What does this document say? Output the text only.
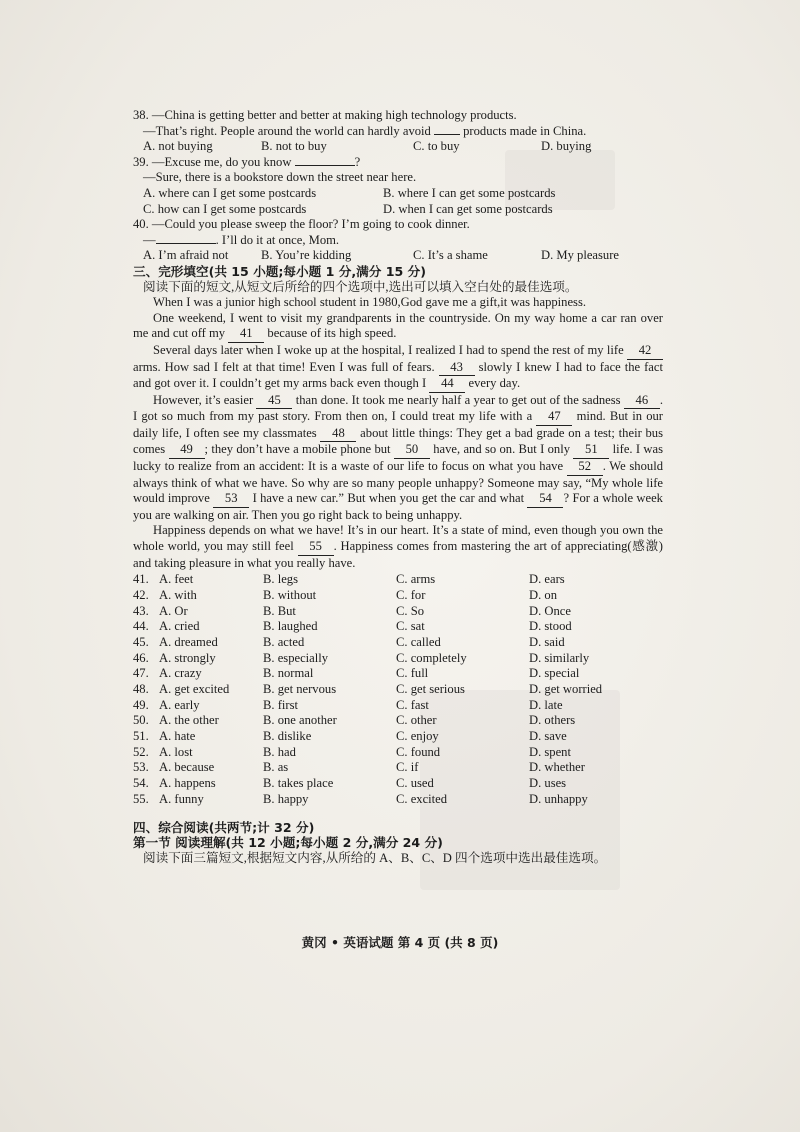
38. —China is getting better and better at making high technology products.

—That’s right. People around the world can hardly avoid  products made in China.

A. not buying	B. not to buy	C. to buy	D. buying

39. —Excuse me, do you know	?

—Sure, there is a bookstore down the street near here.

A. where can I get some postcards	B. where I can get some postcards
C. how can I get some postcards	D. when I can get some postcards

40. —Could you please sweep the floor? I’m going to cook dinner.

—	. I’ll do it at once, Mom.

A. I’m afraid not	B. You’re kidding	C. It’s a shame	D. My pleasure

三、完形填空(共 15 小题;每小题 1 分,满分 15 分)

阅读下面的短文,从短文后所给的四个选项中,选出可以填入空白处的最佳选项。

When I was a junior high school student in 1980,God gave me a gift,it was happiness.

One weekend, I went to visit my grandparents in the countryside. On my way home a car ran over me and cut off my 41 because of its high speed.

Several days later when I woke up at the hospital, I realized I had to spend the rest of my life 42 arms. How sad I felt at that time! Even I was full of fears. 43 slowly I knew I had to face the fact and got over it. I couldn’t get my arms back even though I 44 every day.

However, it’s easier 45 than done. It took me nearly half a year to get out of the sadness 46 . I got so much from my past story. From then on, I could treat my life with a 47 mind. But in our daily life, I often see my classmates 48 about little things: They get a bad grade on a test; their bus comes 49 ; they don’t have a mobile phone but 50 have, and so on. But I only 51 life. I was lucky to realize from an accident: It is a waste of our life to focus on what you have 52 . We should always think of what we have. So why are so many people unhappy? Someone may say, “My whole life would improve 53 I have a new car.” But when you get the car and what 54 ? For a whole week you are walking on air. Then you go right back to being unhappy.

Happiness depends on what we have! It’s in our heart. It’s a state of mind, even though you own the whole world, you may still feel 55 . Happiness comes from mastering the art of appreciating(感激) and taking pleasure in what you really have.

41. A. feet	B. legs	C. arms	D. ears
42. A. with	B. without	C. for	D. on
43. A. Or	B. But	C. So	D. Once
44. A. cried	B. laughed	C. sat	D. stood
45. A. dreamed	B. acted	C. called	D. said
46. A. strongly	B. especially	C. completely	D. similarly
47. A. crazy	B. normal	C. full	D. special
48. A. get excited	B. get nervous	C. get serious	D. get worried
49. A. early	B. first	C. fast	D. late
50. A. the other	B. one another	C. other	D. others
51. A. hate	B. dislike	C. enjoy	D. save
52. A. lost	B. had	C. found	D. spent
53. A. because	B. as	C. if	D. whether
54. A. happens	B. takes place	C. used	D. uses
55. A. funny	B. happy	C. excited	D. unhappy

四、综合阅读(共两节;计 32 分)

第一节 阅读理解(共 12 小题;每小题 2 分,满分 24 分)

阅读下面三篇短文,根据短文内容,从所给的 A、B、C、D 四个选项中选出最佳选项。

黄冈 • 英语试题 第 4 页 (共 8 页)
